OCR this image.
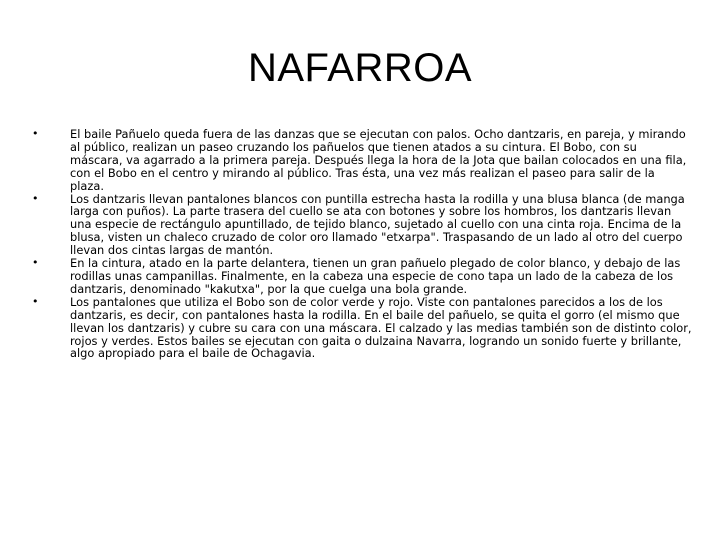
NAFARROA
•	El baile Pañuelo queda fuera de las danzas que se ejecutan con palos. Ocho dantzaris, en pareja, y mirando al público, realizan un paseo cruzando los pañuelos que tienen atados a su cintura. El Bobo, con su máscara, va agarrado a la primera pareja. Después llega la hora de la Jota que bailan colocados en una fila, con el Bobo en el centro y mirando al público. Tras ésta, una vez más realizan el paseo para salir de la plaza.
•	Los dantzaris llevan pantalones blancos con puntilla estrecha hasta la rodilla y una blusa blanca (de manga larga con puños). La parte trasera del cuello se ata con botones y sobre los hombros, los dantzaris llevan una especie de rectángulo apuntillado, de tejido blanco, sujetado al cuello con una cinta roja. Encima de la blusa, visten un chaleco cruzado de color oro llamado "etxarpa". Traspasando de un lado al otro del cuerpo llevan dos cintas largas de mantón.
•	En la cintura, atado en la parte delantera, tienen un gran pañuelo plegado de color blanco, y debajo de las rodillas unas campanillas. Finalmente, en la cabeza una especie de cono tapa un lado de la cabeza de los dantzaris, denominado "kakutxa", por la que cuelga una bola grande.
•	Los pantalones que utiliza el Bobo son de color verde y rojo. Viste con pantalones parecidos a los de los dantzaris, es decir, con pantalones hasta la rodilla. En el baile del pañuelo, se quita el gorro (el mismo que llevan los dantzaris) y cubre su cara con una máscara. El calzado y las medias también son de distinto color, rojos y verdes. Estos bailes se ejecutan con gaita o dulzaina Navarra, logrando un sonido fuerte y brillante, algo apropiado para el baile de Ochagavia.
